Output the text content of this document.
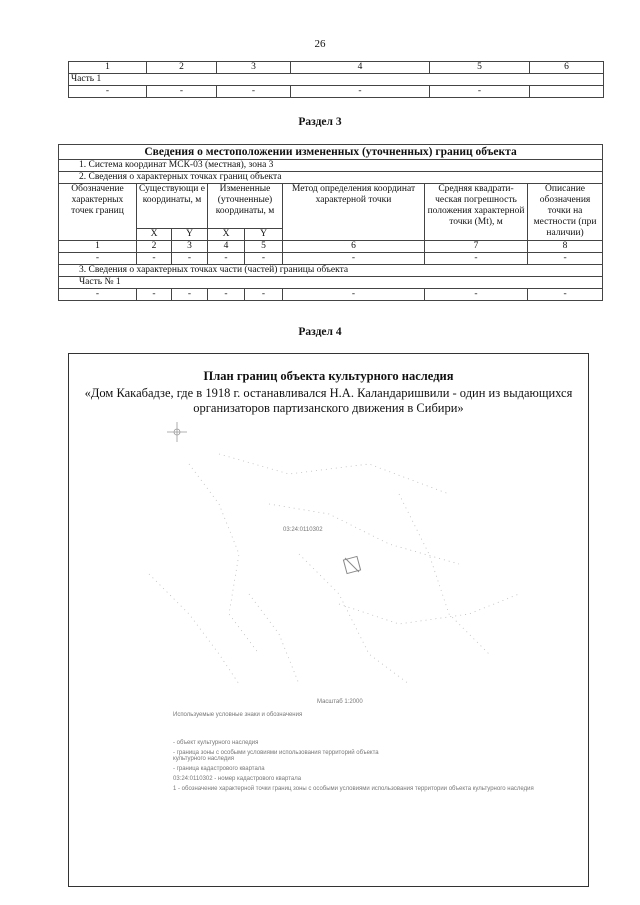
26
1	2	3	4	5	6
Часть 1					
-	-	-	-	-	
Раздел 3
Сведения о местоположении измененных (уточненных) границ объекта							
1. Система координат МСК-03 (местная), зона 3							
2. Сведения о характерных точках границ объекта							
Обозначение характерных точек границ	Существующи е координаты, м		Измененные (уточненные) координаты, м		Метод определения координат характерной точки	Средняя квадрати-ческая погрешность положения характерной точки (Mt), м	Описание обозначения точки на местности (при наличии)
	X	Y	X	Y			
1	2	3	4	5	6	7	8
-	-	-	-	-	-	-	-
3. Сведения о характерных точках части (частей) границы объекта							
Часть № 1							
-	-	-	-	-	-	-	-
Раздел 4
План границ объекта культурного наследия
«Дом Какабадзе, где в 1918 г. останавливался Н.А. Каландаришвили - один из выдающихся организаторов партизанского движения в Сибири»
03:24:0110302
Масштаб 1:2000
Используемые условные знаки и обозначения
- объект культурного наследия
- граница зоны с особыми условиями использования территорий объекта культурного наследия
- граница кадастрового квартала
03:24:0110302 - номер кадастрового квартала
1 - обозначение характерной точки границ зоны с особыми условиями использования территории объекта культурного наследия
